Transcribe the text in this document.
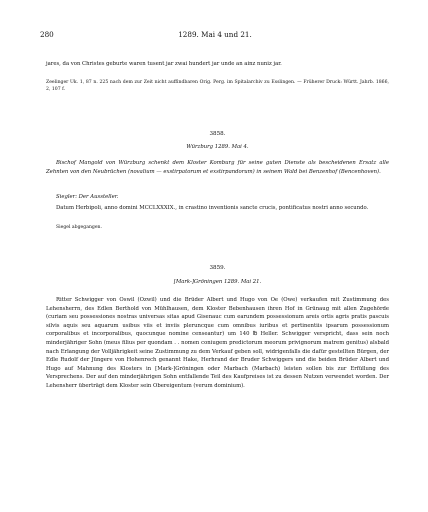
280	1289. Mai 4 und 21.
jares, da von Christes geburte waren tusent jar zwai hundert jar unde an ainz nuniz jar.
Zeelinger Uk. 1, 87 n. 225 nach dem zur Zeit nicht auffindbaren Orig. Perg. im Spitalarchiv zu Esslingen. — Früherer Druck: Württ. Jahrb. 1866, 2, 107 f.
3858.
Würzburg 1289. Mai 4.
Bischof Mangold von Würzburg schenkt dem Kloster Komburg für seine guten Dienste als bescheidenen Ersatz alle Zehnten von den Neubrüchen (novalium — exstirpatorum et exstirpandorum) in seinem Wald bei Benzenhof (Bencenhoven).
Siegler: Der Aussteller.
Datum Herbipoli, anno domini MCCLXXXIX., in crastino inventionis sancte crucis, pontificatus nostri anno secundo.
Siegel abgegangen.
3859.
[Mark-]Gröningen 1289. Mai 21.
Ritter Schwigger von Oswil (Ozwil) und die Brüder Albert und Hugo von Oe (Owe) verkaufen mit Zustimmung des Lehensherrn, des Edlen Berthold von Mühlhausen, dem Kloster Bebenhausen ihren Hof in Grünaug mit allen Zugehörde (curiam seu possessiones nostras universas sitas apud Gisenauc cum earundem possessionum areis ortis agris pratis pascuis silvis aquis seu aquarum usibus viis et inviis pleruncque cum omnibus iuribus et pertinentiis ipsarum possessionum corporalibus et incorporalibus, quocunque nomine censeantur) um 140 ℔ Heller. Schwigger verspricht, dass sein noch minderjähriger Sohn (meus filius per quondam . . nomen coniugem predictorum meorum privignorum matrem genitus) alsbald nach Erlangung der Volljährigkeit seine Zustimmung zu dem Verkauf geben soll, widrigenfalls die dafür gestellten Bürgen, der Edle Rudolf der Jüngere von Hohenrech genannt Hake, Herhrand der Bruder Schwiggers und die beiden Brüder Albert und Hugo auf Mahnung des Klosters in [Mark-]Gröningen oder Marbach (Marbach) leisten sollen bis zur Erfüllung des Versprechens. Der auf den minderjährigen Sohn entfallende Teil des Kaufpreises ist zu dessen Nutzen verwendet worden. Der Lehensherr überträgt dem Kloster sein Obereigentum (verum dominium).
